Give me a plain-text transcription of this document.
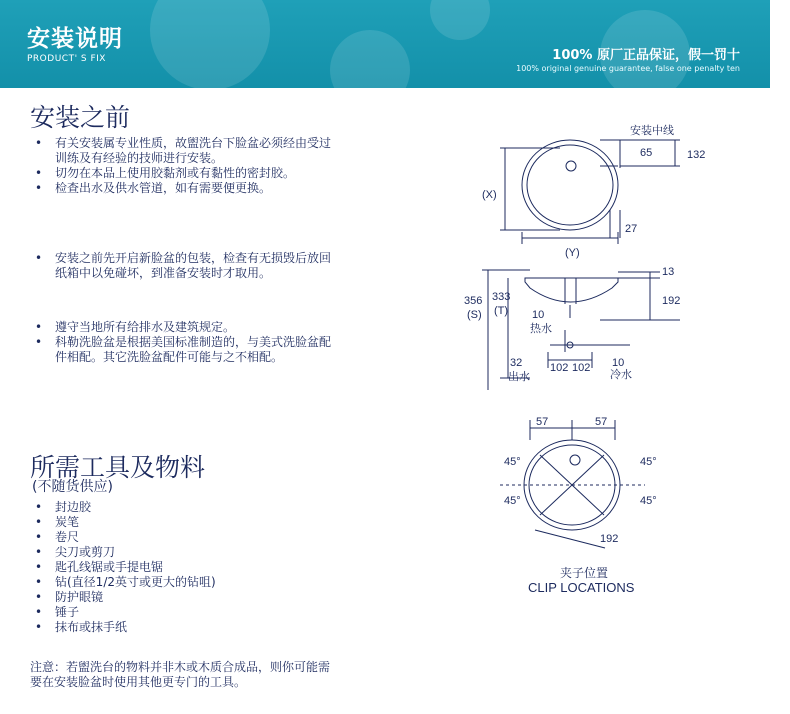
安装说明
PRODUCT' S FIX	100% 原厂正品保证，假一罚十
100% original genuine guarantee, false one penalty ten
安装之前
• 有关安装属专业性质，故盥洗台下脸盆必须经由受过训练及有经验的技师进行安装。
• 切勿在本品上使用胶黏剂或有黏性的密封胶。
• 检查出水及供水管道，如有需要便更换。
• 安装之前先开启新脸盆的包装，检查有无损毁后放回纸箱中以免碰坏，到准备安装时才取用。
• 遵守当地所有给排水及建筑规定。
• 科勒洗脸盆是根据美国标准制造的，与美式洗脸盆配件相配。其它洗脸盆配件可能与之不相配。
所需工具及物料
(不随货供应)
• 封边胶
• 炭笔
• 卷尺
• 尖刀或剪刀
• 匙孔线锯或手提电锯
• 钻(直径1/2英寸或更大的钻咀)
• 防护眼镜
• 锤子
• 抹布或抹手纸
注意：若盥洗台的物料并非木或木质合成品，则你可能需要在安装脸盆时使用其他更专门的工具。
安装中线
65	132
(X)
(Y)
27
356
(S)
333
(T)
13
192
10
热水
32
出水
102 102 10
冷水
57	57
45°	45°
45°	45°
192
夹子位置
CLIP LOCATIONS
